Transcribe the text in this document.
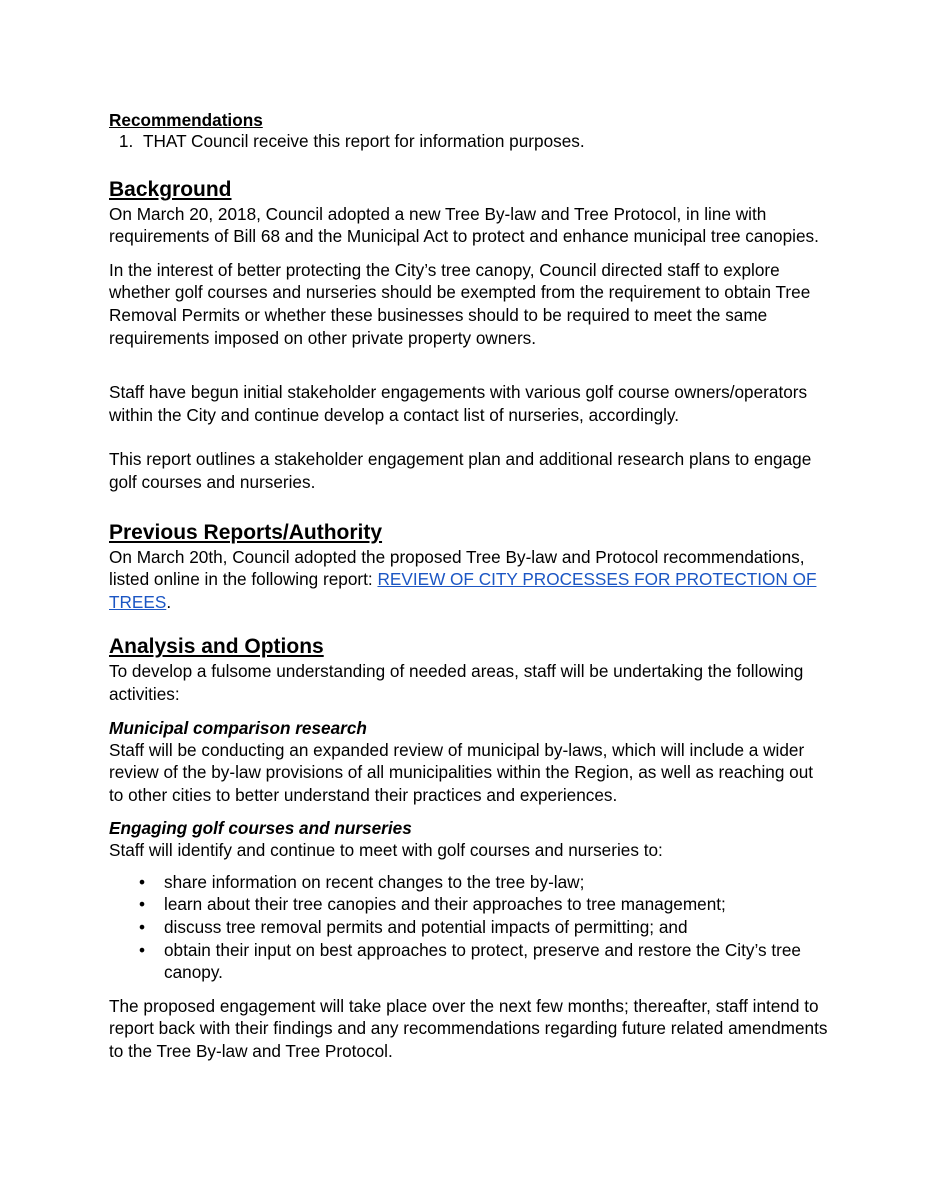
Recommendations
1. THAT Council receive this report for information purposes.
Background

On March 20, 2018, Council adopted a new Tree By-law and Tree Protocol, in line with requirements of Bill 68 and the Municipal Act to protect and enhance municipal tree canopies.

In the interest of better protecting the City’s tree canopy, Council directed staff to explore whether golf courses and nurseries should be exempted from the requirement to obtain Tree Removal Permits or whether these businesses should to be required to meet the same requirements imposed on other private property owners.

Staff have begun initial stakeholder engagements with various golf course owners/operators within the City and continue develop a contact list of nurseries, accordingly.

This report outlines a stakeholder engagement plan and additional research plans to engage golf courses and nurseries.

Previous Reports/Authority

On March 20th, Council adopted the proposed Tree By-law and Protocol recommendations, listed online in the following report: REVIEW OF CITY PROCESSES FOR PROTECTION OF TREES.

Analysis and Options

To develop a fulsome understanding of needed areas, staff will be undertaking the following activities:

Municipal comparison research

Staff will be conducting an expanded review of municipal by-laws, which will include a wider review of the by-law provisions of all municipalities within the Region, as well as reaching out to other cities to better understand their practices and experiences.

Engaging golf courses and nurseries

Staff will identify and continue to meet with golf courses and nurseries to:

• share information on recent changes to the tree by-law;
• learn about their tree canopies and their approaches to tree management;
• discuss tree removal permits and potential impacts of permitting; and
• obtain their input on best approaches to protect, preserve and restore the City’s tree canopy.

The proposed engagement will take place over the next few months; thereafter, staff intend to report back with their findings and any recommendations regarding future related amendments to the Tree By-law and Tree Protocol.
